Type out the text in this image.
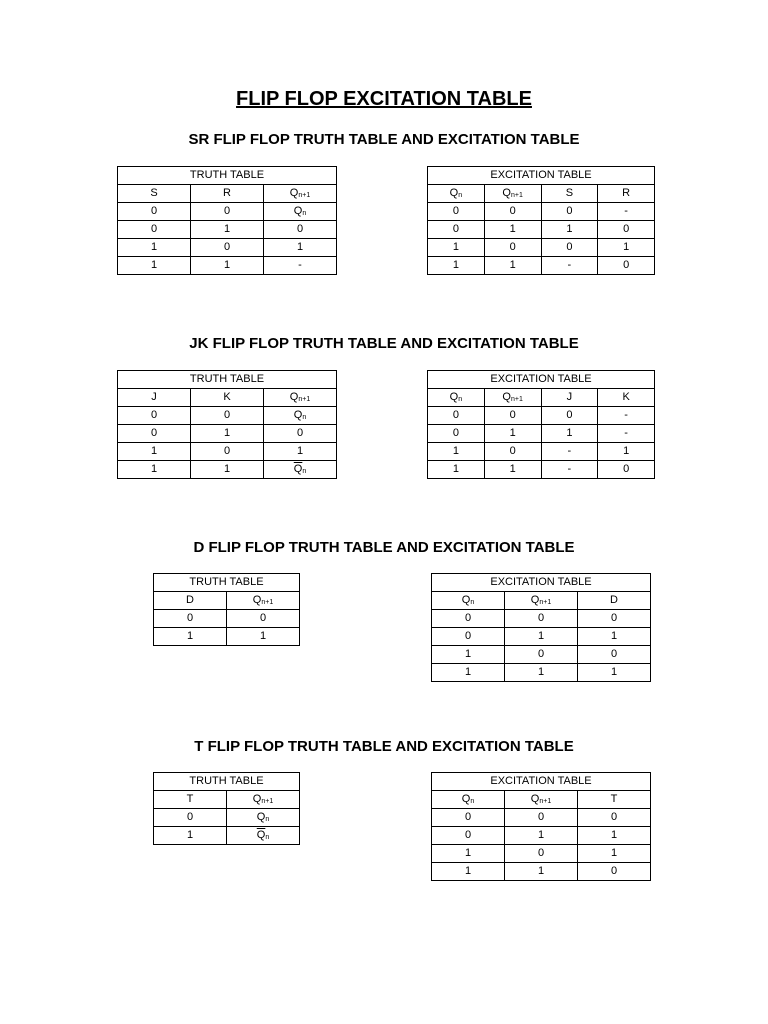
FLIP FLOP EXCITATION TABLE
SR FLIP FLOP TRUTH TABLE AND EXCITATION TABLE
TRUTH TABLE		
S	R	$Q_{n+1}$
0	0	$Q_n$
0	1	0
1	0	1
1	1	-
EXCITATION TABLE			
$Q_n$	$Q_{n+1}$	S	R
0	0	0	-
0	1	1	0
1	0	0	1
1	1	-	0
JK FLIP FLOP TRUTH TABLE AND EXCITATION TABLE
TRUTH TABLE		
J	K	$Q_{n+1}$
0	0	$Q_n$
0	1	0
1	0	1
1	1	$\overline{Q}_n$
EXCITATION TABLE			
$Q_n$	$Q_{n+1}$	J	K
0	0	0	-
0	1	1	-
1	0	-	1
1	1	-	0
D FLIP FLOP TRUTH TABLE AND EXCITATION TABLE
TRUTH TABLE	
D	$Q_{n+1}$
0	0
1	1
EXCITATION TABLE		
$Q_n$	$Q_{n+1}$	D
0	0	0
0	1	1
1	0	0
1	1	1
T FLIP FLOP TRUTH TABLE AND EXCITATION TABLE
TRUTH TABLE	
T	$Q_{n+1}$
0	$Q_n$
1	$\overline{Q}_n$
EXCITATION TABLE		
$Q_n$	$Q_{n+1}$	T
0	0	0
0	1	1
1	0	1
1	1	0
